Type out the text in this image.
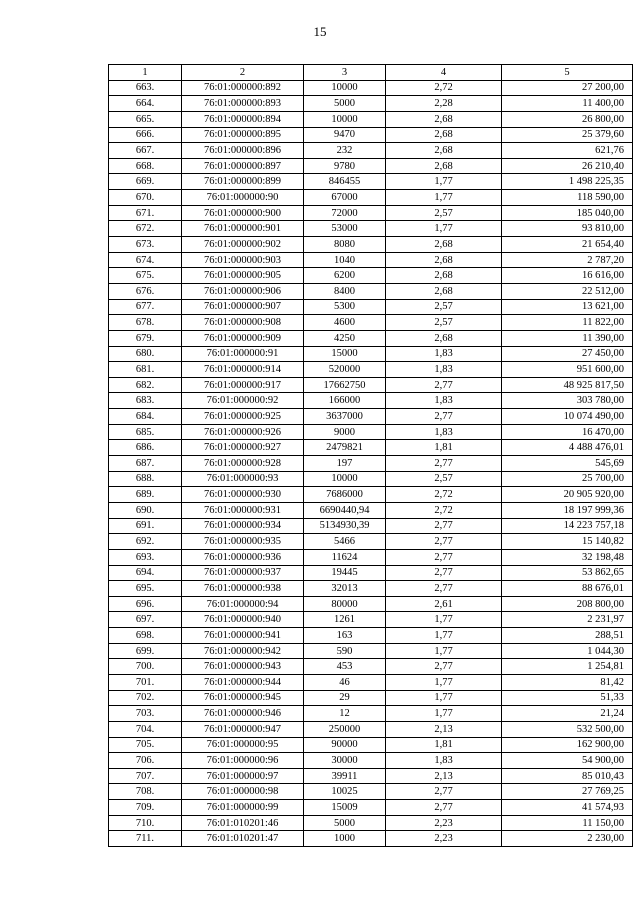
15
1	2	3	4	5
663.	76:01:000000:892	10000	2,72	27 200,00
664.	76:01:000000:893	5000	2,28	11 400,00
665.	76:01:000000:894	10000	2,68	26 800,00
666.	76:01:000000:895	9470	2,68	25 379,60
667.	76:01:000000:896	232	2,68	621,76
668.	76:01:000000:897	9780	2,68	26 210,40
669.	76:01:000000:899	846455	1,77	1 498 225,35
670.	76:01:000000:90	67000	1,77	118 590,00
671.	76:01:000000:900	72000	2,57	185 040,00
672.	76:01:000000:901	53000	1,77	93 810,00
673.	76:01:000000:902	8080	2,68	21 654,40
674.	76:01:000000:903	1040	2,68	2 787,20
675.	76:01:000000:905	6200	2,68	16 616,00
676.	76:01:000000:906	8400	2,68	22 512,00
677.	76:01:000000:907	5300	2,57	13 621,00
678.	76:01:000000:908	4600	2,57	11 822,00
679.	76:01:000000:909	4250	2,68	11 390,00
680.	76:01:000000:91	15000	1,83	27 450,00
681.	76:01:000000:914	520000	1,83	951 600,00
682.	76:01:000000:917	17662750	2,77	48 925 817,50
683.	76:01:000000:92	166000	1,83	303 780,00
684.	76:01:000000:925	3637000	2,77	10 074 490,00
685.	76:01:000000:926	9000	1,83	16 470,00
686.	76:01:000000:927	2479821	1,81	4 488 476,01
687.	76:01:000000:928	197	2,77	545,69
688.	76:01:000000:93	10000	2,57	25 700,00
689.	76:01:000000:930	7686000	2,72	20 905 920,00
690.	76:01:000000:931	6690440,94	2,72	18 197 999,36
691.	76:01:000000:934	5134930,39	2,77	14 223 757,18
692.	76:01:000000:935	5466	2,77	15 140,82
693.	76:01:000000:936	11624	2,77	32 198,48
694.	76:01:000000:937	19445	2,77	53 862,65
695.	76:01:000000:938	32013	2,77	88 676,01
696.	76:01:000000:94	80000	2,61	208 800,00
697.	76:01:000000:940	1261	1,77	2 231,97
698.	76:01:000000:941	163	1,77	288,51
699.	76:01:000000:942	590	1,77	1 044,30
700.	76:01:000000:943	453	2,77	1 254,81
701.	76:01:000000:944	46	1,77	81,42
702.	76:01:000000:945	29	1,77	51,33
703.	76:01:000000:946	12	1,77	21,24
704.	76:01:000000:947	250000	2,13	532 500,00
705.	76:01:000000:95	90000	1,81	162 900,00
706.	76:01:000000:96	30000	1,83	54 900,00
707.	76:01:000000:97	39911	2,13	85 010,43
708.	76:01:000000:98	10025	2,77	27 769,25
709.	76:01:000000:99	15009	2,77	41 574,93
710.	76:01:010201:46	5000	2,23	11 150,00
711.	76:01:010201:47	1000	2,23	2 230,00
